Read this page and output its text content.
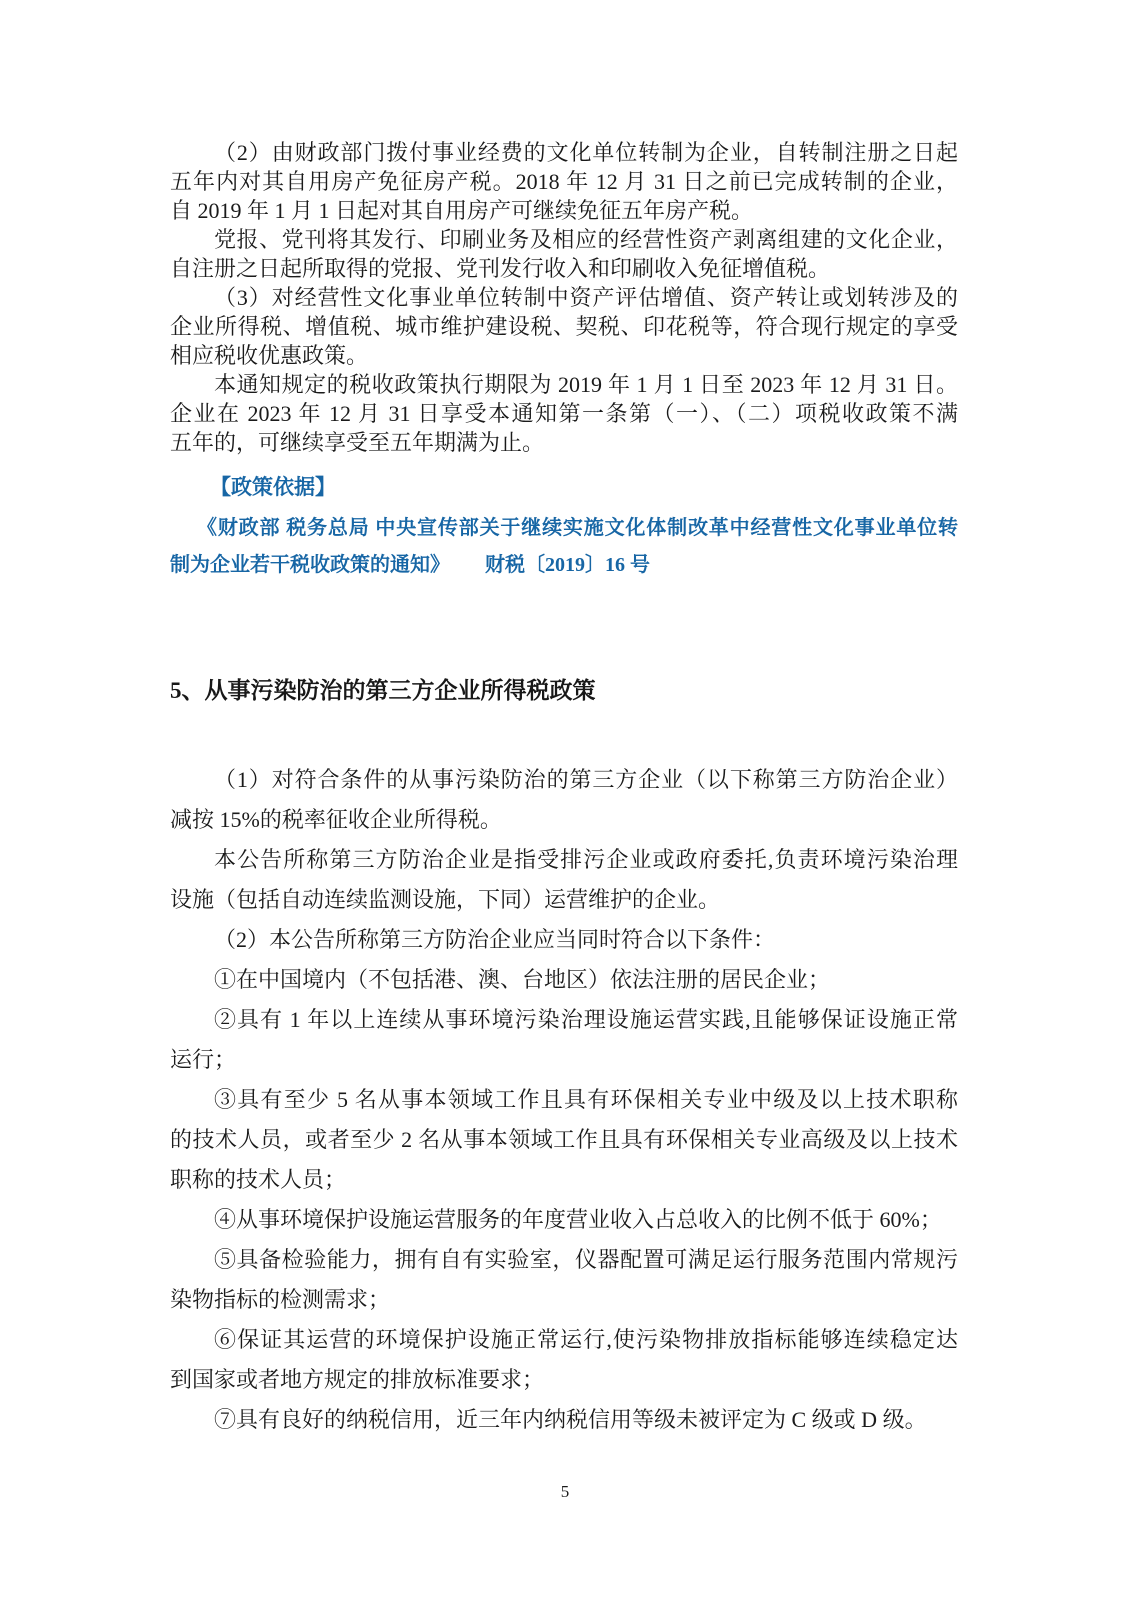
（2）由财政部门拨付事业经费的文化单位转制为企业，自转制注册之日起
五年内对其自用房产免征房产税。2018 年 12 月 31 日之前已完成转制的企业，
自 2019 年 1 月 1 日起对其自用房产可继续免征五年房产税。
党报、党刊将其发行、印刷业务及相应的经营性资产剥离组建的文化企业，
自注册之日起所取得的党报、党刊发行收入和印刷收入免征增值税。
（3）对经营性文化事业单位转制中资产评估增值、资产转让或划转涉及的
企业所得税、增值税、城市维护建设税、契税、印花税等，符合现行规定的享受
相应税收优惠政策。
本通知规定的税收政策执行期限为 2019 年 1 月 1 日至 2023 年 12 月 31 日。
企业在 2023 年 12 月 31 日享受本通知第一条第（一）、（二）项税收政策不满
五年的，可继续享受至五年期满为止。
【政策依据】
《财政部 税务总局 中央宣传部关于继续实施文化体制改革中经营性文化事业单位转
制为企业若干税收政策的通知》　　 财税〔2019〕16 号
5、从事污染防治的第三方企业所得税政策
（1）对符合条件的从事污染防治的第三方企业（以下称第三方防治企业）
减按 15%的税率征收企业所得税。
本公告所称第三方防治企业是指受排污企业或政府委托,负责环境污染治理
设施（包括自动连续监测设施，下同）运营维护的企业。
（2）本公告所称第三方防治企业应当同时符合以下条件：
①在中国境内（不包括港、澳、台地区）依法注册的居民企业；
②具有 1 年以上连续从事环境污染治理设施运营实践,且能够保证设施正常
运行；
③具有至少 5 名从事本领域工作且具有环保相关专业中级及以上技术职称
的技术人员，或者至少 2 名从事本领域工作且具有环保相关专业高级及以上技术
职称的技术人员；
④从事环境保护设施运营服务的年度营业收入占总收入的比例不低于 60%；
⑤具备检验能力，拥有自有实验室，仪器配置可满足运行服务范围内常规污
染物指标的检测需求；
⑥保证其运营的环境保护设施正常运行,使污染物排放指标能够连续稳定达
到国家或者地方规定的排放标准要求；
⑦具有良好的纳税信用，近三年内纳税信用等级未被评定为 C 级或 D 级。
5
